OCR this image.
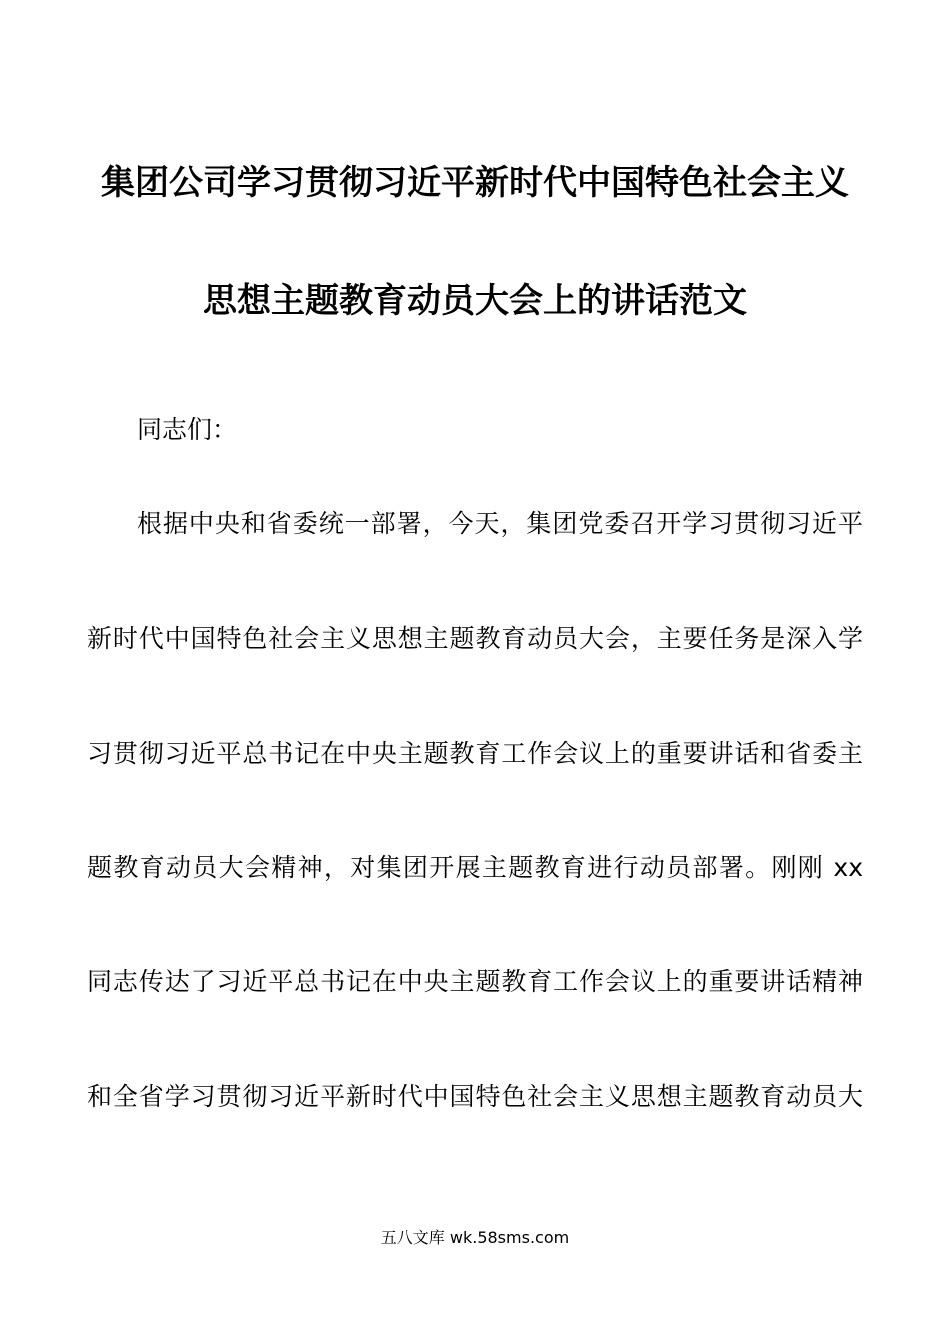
集团公司学习贯彻习近平新时代中国特色社会主义
思想主题教育动员大会上的讲话范文
同志们：
根据中央和省委统一部署，今天，集团党委召开学习贯彻习近平
新时代中国特色社会主义思想主题教育动员大会，主要任务是深入学
习贯彻习近平总书记在中央主题教育工作会议上的重要讲话和省委主
题教育动员大会精神，对集团开展主题教育进行动员部署。刚刚 xx
同志传达了习近平总书记在中央主题教育工作会议上的重要讲话精神
和全省学习贯彻习近平新时代中国特色社会主义思想主题教育动员大
五八文库 wk.58sms.com
